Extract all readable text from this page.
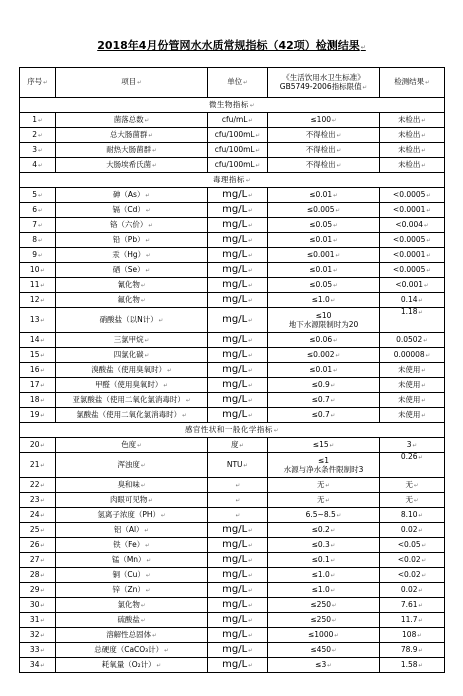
2018年4月份管网水水质常规指标（42项）检测结果↵
序号↵	项目↵	单位↵	《生活饮用水卫生标准》GB5749-2006指标限值↵	检测结果↵
微生物指标↵				
1↵	菌落总数↵	cfu/mL↵	≤100↵	未检出↵
2↵	总大肠菌群↵	cfu/100mL↵	不得检出↵	未检出↵
3↵	耐热大肠菌群↵	cfu/100mL↵	不得检出↵	未检出↵
4↵	大肠埃希氏菌↵	cfu/100mL↵	不得检出↵	未检出↵
毒理指标↵				
5↵	砷（As）↵	mg/L↵	≤0.01↵	<0.0005↵
6↵	镉（Cd）↵	mg/L↵	≤0.005↵	<0.0001↵
7↵	铬（六价）↵	mg/L↵	≤0.05↵	<0.004↵
8↵	铅（Pb）↵	mg/L↵	≤0.01↵	<0.0005↵
9↵	汞（Hg）↵	mg/L↵	≤0.001↵	<0.0001↵
10↵	硒（Se）↵	mg/L↵	≤0.01↵	<0.0005↵
11↵	氰化物↵	mg/L↵	≤0.05↵	<0.001↵
12↵	氟化物↵	mg/L↵	≤1.0↵	0.14↵
13↵	硝酸盐（以N计）↵	mg/L↵	≤10
地下水源限制时为20	1.18↵
14↵	三氯甲烷↵	mg/L↵	≤0.06↵	0.0502↵
15↵	四氯化碳↵	mg/L↵	≤0.002↵	0.00008↵
16↵	溴酸盐（使用臭氧时）↵	mg/L↵	≤0.01↵	未使用↵
17↵	甲醛（使用臭氧时）↵	mg/L↵	≤0.9↵	未使用↵
18↵	亚氯酸盐（使用二氧化氯消毒时）↵	mg/L↵	≤0.7↵	未使用↵
19↵	氯酸盐（使用二氧化氯消毒时）↵	mg/L↵	≤0.7↵	未使用↵
感官性状和一般化学指标↵				
20↵	色度↵	度↵	≤15↵	3↵
21↵	浑浊度↵	NTU↵	≤1
水源与净水条件限制时3	0.26↵
22↵	臭和味↵	↵	无↵	无↵
23↵	肉眼可见物↵	↵	无↵	无↵
24↵	氢离子浓度（PH）↵	↵	6.5~8.5↵	8.10↵
25↵	铝（Al）↵	mg/L↵	≤0.2↵	0.02↵
26↵	铁（Fe）↵	mg/L↵	≤0.3↵	<0.05↵
27↵	锰（Mn）↵	mg/L↵	≤0.1↵	<0.02↵
28↵	铜（Cu）↵	mg/L↵	≤1.0↵	<0.02↵
29↵	锌（Zn）↵	mg/L↵	≤1.0↵	0.02↵
30↵	氯化物↵	mg/L↵	≤250↵	7.61↵
31↵	硫酸盐↵	mg/L↵	≤250↵	11.7↵
32↵	溶解性总固体↵	mg/L↵	≤1000↵	108↵
33↵	总硬度（CaCO₃计）↵	mg/L↵	≤450↵	78.9↵
34↵	耗氧量（O₂计）↵	mg/L↵	≤3↵	1.58↵
